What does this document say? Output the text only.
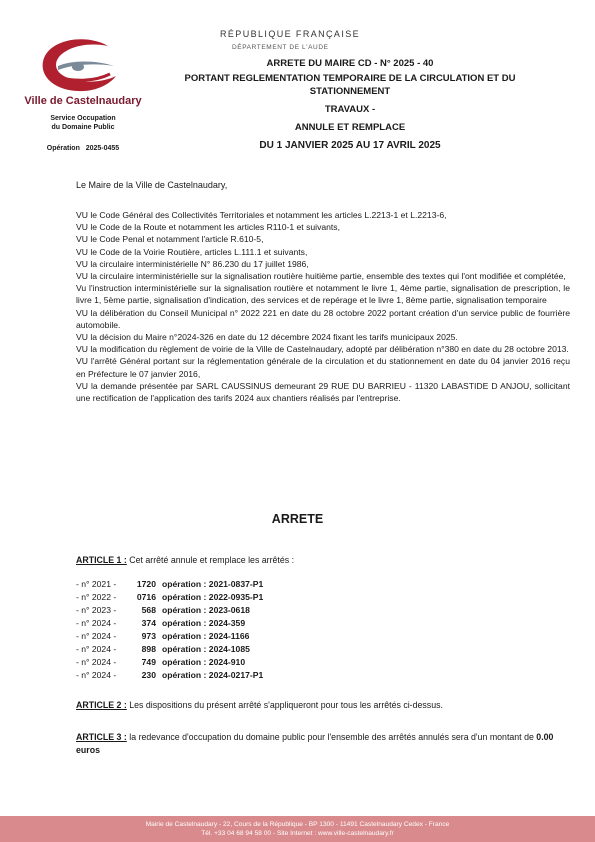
Ville de Castelnaudary
Service Occupation
du Domaine Public
Opération 2025-0455
RÉPUBLIQUE FRANÇAISE
DÉPARTEMENT DE L'AUDE
ARRETE DU MAIRE CD - N° 2025 - 40
PORTANT REGLEMENTATION TEMPORAIRE DE LA CIRCULATION ET DU STATIONNEMENT
TRAVAUX -
ANNULE ET REMPLACE
DU 1 JANVIER 2025 AU 17 AVRIL 2025
Le Maire de la Ville de Castelnaudary,

VU le Code Général des Collectivités Territoriales et notamment les articles L.2213-1 et L.2213-6,

VU le Code de la Route et notamment les articles R110-1 et suivants,

VU le Code Penal et notamment l'article R.610-5,

VU le Code de la Voirie Routière, articles L.111.1 et suivants,

VU la circulaire interministérielle N° 86.230 du 17 juillet 1986,

VU la circulaire interministérielle sur la signalisation routière huitième partie, ensemble des textes qui l'ont modifiée et complétée,

Vu l'instruction interministérielle sur la signalisation routière et notamment le livre 1, 4ème partie, signalisation de prescription, le livre 1, 5ème partie, signalisation d'indication, des services et de repérage et le livre 1, 8ème partie, signalisation temporaire

VU la délibération du Conseil Municipal n° 2022 221 en date du 28 octobre 2022 portant création d'un service public de fourrière automobile.

VU la décision du Maire n°2024-326 en date du 12 décembre 2024 fixant les tarifs municipaux 2025.

VU la modification du règlement de voirie de la Ville de Castelnaudary, adopté par délibération n°380 en date du 28 octobre 2013.

VU l'arrêté Général portant sur la réglementation générale de la circulation et du stationnement en date du 04 janvier 2016 reçu en Préfecture le 07 janvier 2016,

VU la demande présentée par SARL CAUSSINUS demeurant 29 RUE DU BARRIEU - 11320 LABASTIDE D ANJOU, sollicitant une rectification de l'application des tarifs 2024 aux chantiers réalisés par l'entreprise.

ARRETE
ARTICLE 1 : Cet arrêté annule et remplace les arrêtés :
- n° 2021 -	1720 opération : 2021-0837-P1
- n° 2022 -	0716 opération : 2022-0935-P1
- n° 2023 -	568 opération : 2023-0618
- n° 2024 -	374 opération : 2024-359
- n° 2024 -	973 opération : 2024-1166
- n° 2024 -	898 opération : 2024-1085
- n° 2024 -	749 opération : 2024-910
- n° 2024 -	230 opération : 2024-0217-P1
ARTICLE 2 : Les dispositions du présent arrêté s'appliqueront pour tous les arrêtés ci-dessus.
ARTICLE 3 : la redevance d'occupation du domaine public pour l'ensemble des arrêtés annulés sera d'un montant de 0.00 euros
Mairie de Castelnaudary - 22, Cours de la République - BP 1300 - 11491 Castelnaudary Cedex - France
Tél. +33 04 68 94 58 00 - Site Internet : www.ville-castelnaudary.fr
